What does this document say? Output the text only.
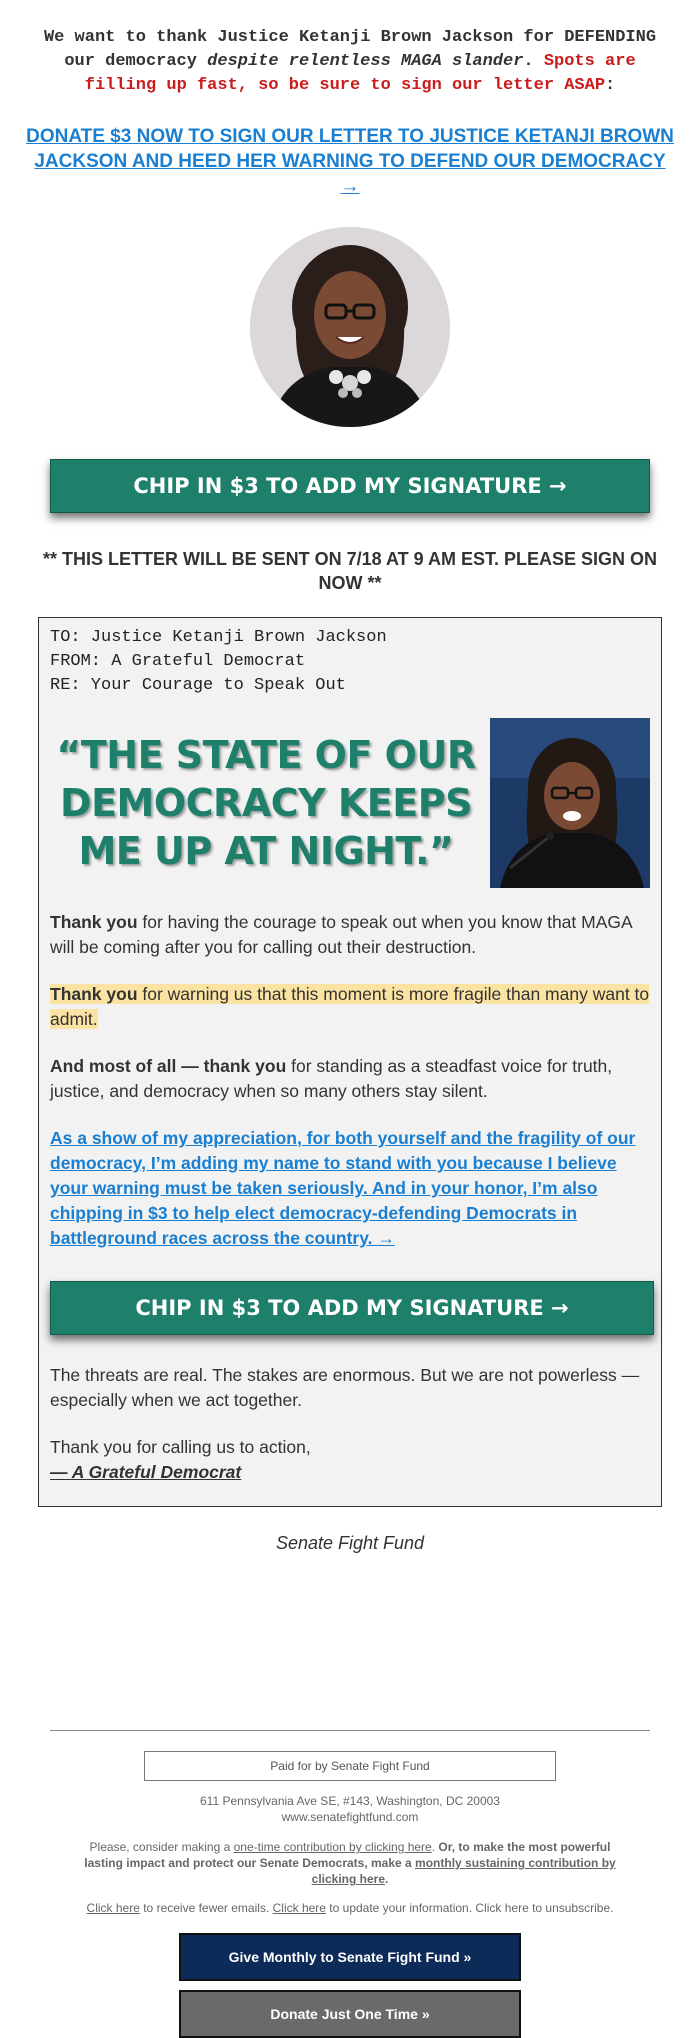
We want to thank Justice Ketanji Brown Jackson for DEFENDING
our democracy despite relentless MAGA slander. Spots are
filling up fast, so be sure to sign our letter ASAP:
DONATE $3 NOW TO SIGN OUR LETTER TO JUSTICE KETANJI BROWN JACKSON AND HEED HER WARNING TO DEFEND OUR DEMOCRACY →
CHIP IN $3 TO ADD MY SIGNATURE →
** THIS LETTER WILL BE SENT ON 7/18 AT 9 AM EST. PLEASE SIGN ON NOW **
TO: Justice Ketanji Brown Jackson
FROM: A Grateful Democrat
RE: Your Courage to Speak Out
“THE STATE OF OUR DEMOCRACY KEEPS ME UP AT NIGHT.”
Thank you for having the courage to speak out when you know that MAGA will be coming after you for calling out their destruction.
Thank you for warning us that this moment is more fragile than many want to admit.
And most of all — thank you for standing as a steadfast voice for truth, justice, and democracy when so many others stay silent.
As a show of my appreciation, for both yourself and the fragility of our democracy, I’m adding my name to stand with you because I believe your warning must be taken seriously. And in your honor, I’m also chipping in $3 to help elect democracy-defending Democrats in battleground races across the country. →
CHIP IN $3 TO ADD MY SIGNATURE →
The threats are real. The stakes are enormous. But we are not powerless — especially when we act together.
Thank you for calling us to action,
— A Grateful Democrat
Senate Fight Fund
Paid for by Senate Fight Fund
611 Pennsylvania Ave SE, #143, Washington, DC 20003
www.senatefightfund.com
Please, consider making a one-time contribution by clicking here. Or, to make the most powerful lasting impact and protect our Senate Democrats, make a monthly sustaining contribution by clicking here.
Click here to receive fewer emails. Click here to update your information. Click here to unsubscribe.
Give Monthly to Senate Fight Fund »
Donate Just One Time »
